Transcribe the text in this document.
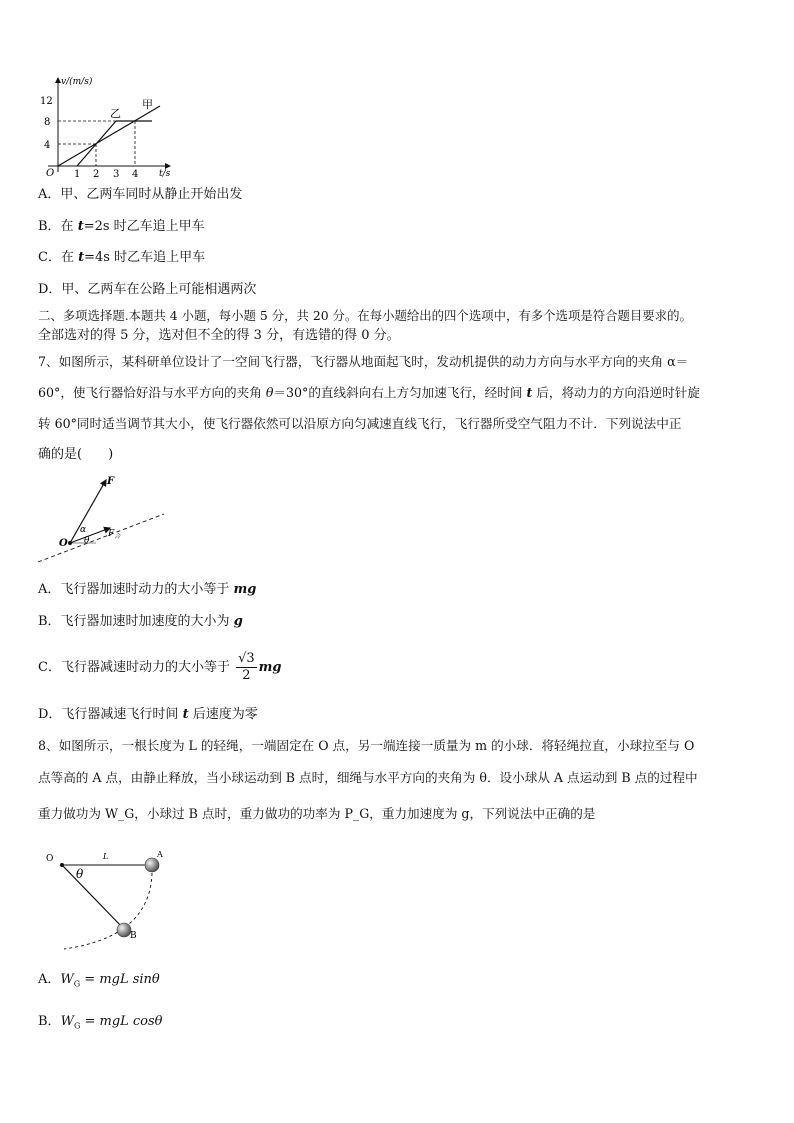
v/(m/s)
12
8
4
O 1 2 3 4 t/s
乙
甲
A．甲、乙两车同时从静止开始出发
B．在 t=2s 时乙车追上甲车
C．在 t=4s 时乙车追上甲车
D．甲、乙两车在公路上可能相遇两次
二、多项选择题.本题共 4 小题，每小题 5 分，共 20 分。在每小题给出的四个选项中，有多个选项是符合题目要求的。
全部选对的得 5 分，选对但不全的得 3 分，有选错的得 0 分。
7、如图所示，某科研单位设计了一空间飞行器，飞行器从地面起飞时，发动机提供的动力方向与水平方向的夹角 α＝
60°，使飞行器恰好沿与水平方向的夹角 θ＝30°的直线斜向右上方匀加速飞行，经时间 t 后，将动力的方向沿逆时针旋
转 60°同时适当调节其大小，使飞行器依然可以沿原方向匀减速直线飞行，飞行器所受空气阻力不计．下列说法中正
确的是(　　)
F
O
α
θ
$F_合$
A．飞行器加速时动力的大小等于 mg
B．飞行器加速时加速度的大小为 g
C．飞行器减速时动力的大小等于 $\frac{√3}{2}$ mg
D．飞行器减速飞行时间 t 后速度为零
8、如图所示，一根长度为 L 的轻绳，一端固定在 O 点，另一端连接一质量为 m 的小球．将轻绳拉直，小球拉至与 O
点等高的 A 点，由静止释放，当小球运动到 B 点时，细绳与水平方向的夹角为 θ．设小球从 A 点运动到 B 点的过程中
重力做功为 W_G，小球过 B 点时，重力做功的功率为 P_G，重力加速度为 g，下列说法中正确的是
O	L	A
B
θ
A．$W_G$ = mgL sinθ
B．$W_G$ = mgL cosθ
